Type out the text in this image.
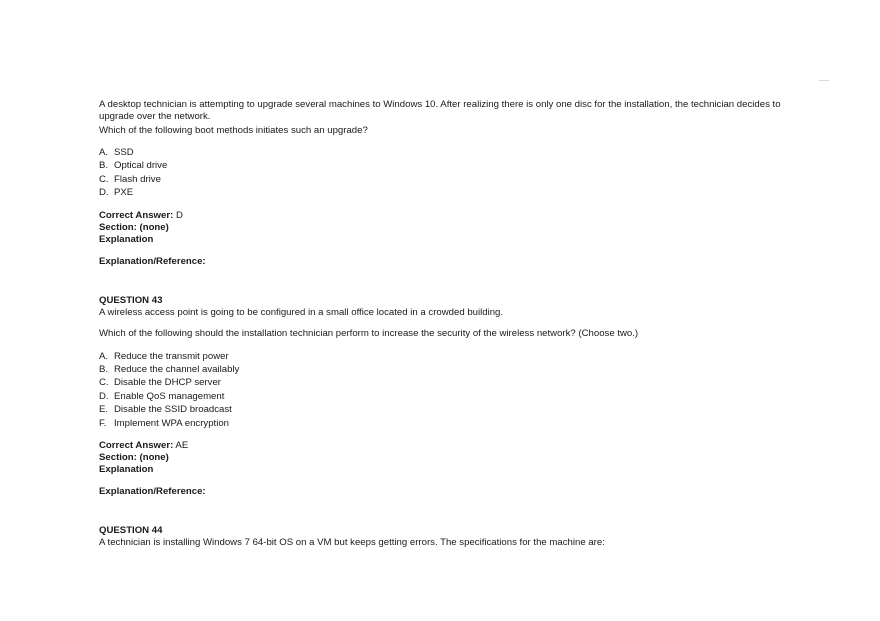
A desktop technician is attempting to upgrade several machines to Windows 10. After realizing there is only one disc for the installation, the technician decides to

upgrade over the network.

Which of the following boot methods initiates such an upgrade?

A. SSD
B. Optical drive
C. Flash drive
D. PXE
Correct Answer: D
Section: (none)
Explanation
Explanation/Reference:
QUESTION 43

A wireless access point is going to be configured in a small office located in a crowded building.

Which of the following should the installation technician perform to increase the security of the wireless network? (Choose two.)

A. Reduce the transmit power
B. Reduce the channel availably
C. Disable the DHCP server
D. Enable QoS management
E. Disable the SSID broadcast
F. Implement WPA encryption
Correct Answer: AE
Section: (none)
Explanation
Explanation/Reference:
QUESTION 44

A technician is installing Windows 7 64-bit OS on a VM but keeps getting errors. The specifications for the machine are:
